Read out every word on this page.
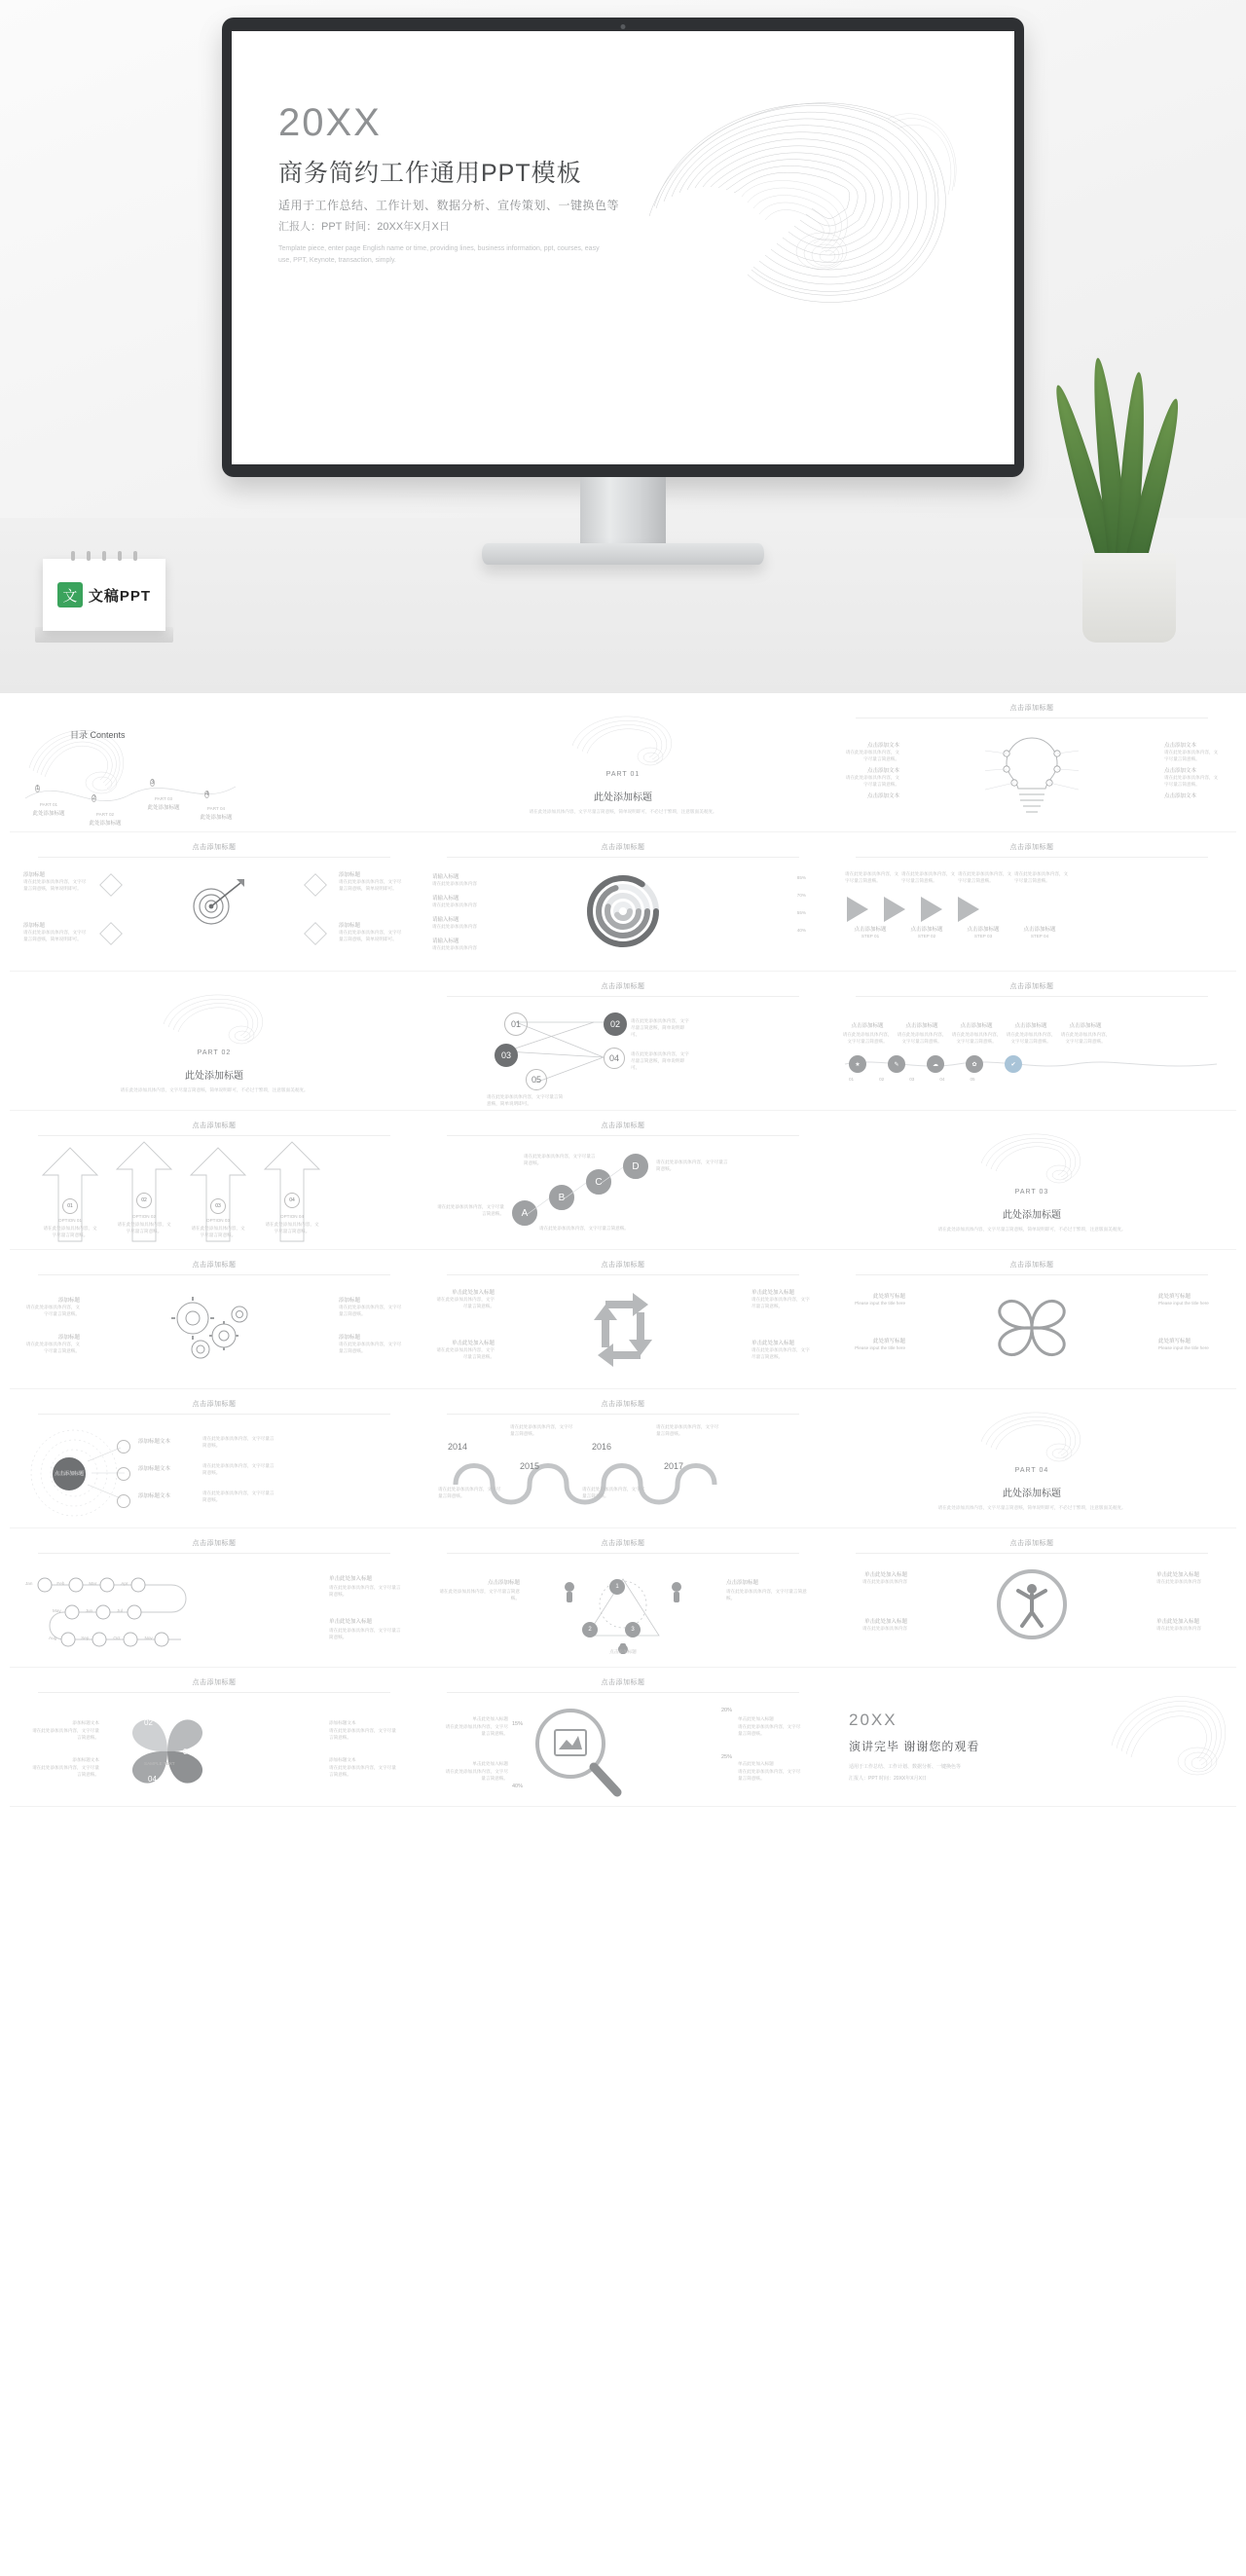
20XX
商务简约工作通用PPT模板
适用于工作总结、工作计划、数据分析、宣传策划、一键换色等
汇报人：PPT 时间：20XX年X月X日
Template piece, enter page English name or time, providing lines, business information, ppt, courses, easy use, PPT, Keynote, transaction, simply.
文 文稿PPT
目录 Contents
1
2
3
4
PART 01
此处添加标题	PART 02
此处添加标题
PART 03
此处添加标题	PART 04
此处添加标题
PART 01
此处添加标题
请在此处添加具体内容，文字尽量言简意赅，简单说明即可，不必过于繁琐，注意版面美观度。
点击添加标题
点击添加文本
请在此处添加具体内容，文字尽量言简意赅。
点击添加文本
请在此处添加具体内容，文字尽量言简意赅。
点击添加文本
点击添加文本
请在此处添加具体内容，文字尽量言简意赅。
点击添加文本
请在此处添加具体内容，文字尽量言简意赅。
点击添加文本
点击添加标题
添加标题
请在此处添加具体内容，文字尽量言简意赅，简单说明即可。
添加标题
请在此处添加具体内容，文字尽量言简意赅，简单说明即可。
添加标题
请在此处添加具体内容，文字尽量言简意赅，简单说明即可。
添加标题
请在此处添加具体内容，文字尽量言简意赅，简单说明即可。
点击添加标题
请输入标题
请在此处添加具体内容
请输入标题
请在此处添加具体内容
请输入标题
请在此处添加具体内容
请输入标题
请在此处添加具体内容
85%
70%
55%
40%
点击添加标题
点击添加标题
STEP 01
点击添加标题
STEP 02
点击添加标题
STEP 03
点击添加标题
STEP 04
请在此处添加具体内容，文字尽量言简意赅。
请在此处添加具体内容，文字尽量言简意赅。
请在此处添加具体内容，文字尽量言简意赅。
请在此处添加具体内容，文字尽量言简意赅。
PART 02
此处添加标题
请在此处添加具体内容，文字尽量言简意赅，简单说明即可，不必过于繁琐，注意版面美观度。
点击添加标题
01	02
03	04
05
请在此处添加具体内容，文字尽量言简意赅，简单说明即可。
请在此处添加具体内容，文字尽量言简意赅，简单说明即可。
请在此处添加具体内容，文字尽量言简意赅，简单说明即可。
点击添加标题
★	✎	☁	✿	✔
点击添加标题
请在此处添加具体内容，文字尽量言简意赅。
点击添加标题
请在此处添加具体内容，文字尽量言简意赅。
点击添加标题
请在此处添加具体内容，文字尽量言简意赅。
点击添加标题
请在此处添加具体内容，文字尽量言简意赅。
点击添加标题
请在此处添加具体内容，文字尽量言简意赅。
01	02	03	04	05
点击添加标题
01
02
03
04
OPTION 01
请在此处添加具体内容，文字尽量言简意赅。
OPTION 02
请在此处添加具体内容，文字尽量言简意赅。
OPTION 03
请在此处添加具体内容，文字尽量言简意赅。
OPTION 04
请在此处添加具体内容，文字尽量言简意赅。
点击添加标题
A
B
C
D
请在此处添加具体内容，文字尽量言简意赅。
请在此处添加具体内容，文字尽量言简意赅。	请在此处添加具体内容，文字尽量言简意赅。
请在此处添加具体内容，文字尽量言简意赅。
PART 03
此处添加标题
请在此处添加具体内容，文字尽量言简意赅，简单说明即可，不必过于繁琐，注意版面美观度。
点击添加标题
添加标题
请在此处添加具体内容，文字尽量言简意赅。
添加标题
请在此处添加具体内容，文字尽量言简意赅。
添加标题
请在此处添加具体内容，文字尽量言简意赅。
添加标题
请在此处添加具体内容，文字尽量言简意赅。
点击添加标题
单击此处加入标题
请在此处添加具体内容，文字尽量言简意赅。
单击此处加入标题
请在此处添加具体内容，文字尽量言简意赅。
单击此处加入标题
请在此处添加具体内容，文字尽量言简意赅。
单击此处加入标题
请在此处添加具体内容，文字尽量言简意赅。
点击添加标题
此处填写标题
Please input the title here
此处填写标题
Please input the title here
此处填写标题
Please input the title here
此处填写标题
Please input the title here
点击添加标题
点击添加标题
添加标题文本
请在此处添加具体内容，文字尽量言简意赅。
添加标题文本
请在此处添加具体内容，文字尽量言简意赅。
添加标题文本
请在此处添加具体内容，文字尽量言简意赅。
点击添加标题
2014
2015
2016
2017
请在此处添加具体内容，文字尽量言简意赅。
请在此处添加具体内容，文字尽量言简意赅。
请在此处添加具体内容，文字尽量言简意赅。
请在此处添加具体内容，文字尽量言简意赅。
PART 04
此处添加标题
请在此处添加具体内容，文字尽量言简意赅，简单说明即可，不必过于繁琐，注意版面美观度。
点击添加标题
Jan	Feb	Mar	Apr
May	Jun	Jul
Aug	Sep	Oct	Nov
单击此处加入标题
请在此处添加具体内容，文字尽量言简意赅。
单击此处加入标题
请在此处添加具体内容，文字尽量言简意赅。
点击添加标题
1
2	3
点击添加标题
请在此处添加具体内容，文字尽量言简意赅。
点击添加标题
请在此处添加具体内容，文字尽量言简意赅。
点击添加标题
点击添加标题
单击此处加入标题
请在此处添加具体内容
单击此处加入标题
请在此处添加具体内容
单击此处加入标题
请在此处添加具体内容
单击此处加入标题
请在此处添加具体内容
点击添加标题
02
01	03
04
SAMPLE TEXT
添加标题文本
请在此处添加具体内容，文字尽量言简意赅。
添加标题文本
请在此处添加具体内容，文字尽量言简意赅。
添加标题文本
请在此处添加具体内容，文字尽量言简意赅。
添加标题文本
请在此处添加具体内容，文字尽量言简意赅。
点击添加标题
单击此处加入标题
请在此处添加具体内容，文字尽量言简意赅。
15%
单击此处加入标题
请在此处添加具体内容，文字尽量言简意赅。
40%
单击此处加入标题
请在此处添加具体内容，文字尽量言简意赅。
20%
单击此处加入标题
请在此处添加具体内容，文字尽量言简意赅。
25%
20XX
演讲完毕 谢谢您的观看
适用于工作总结、工作计划、数据分析、一键换色等
汇报人：PPT 时间：20XX年X月X日
